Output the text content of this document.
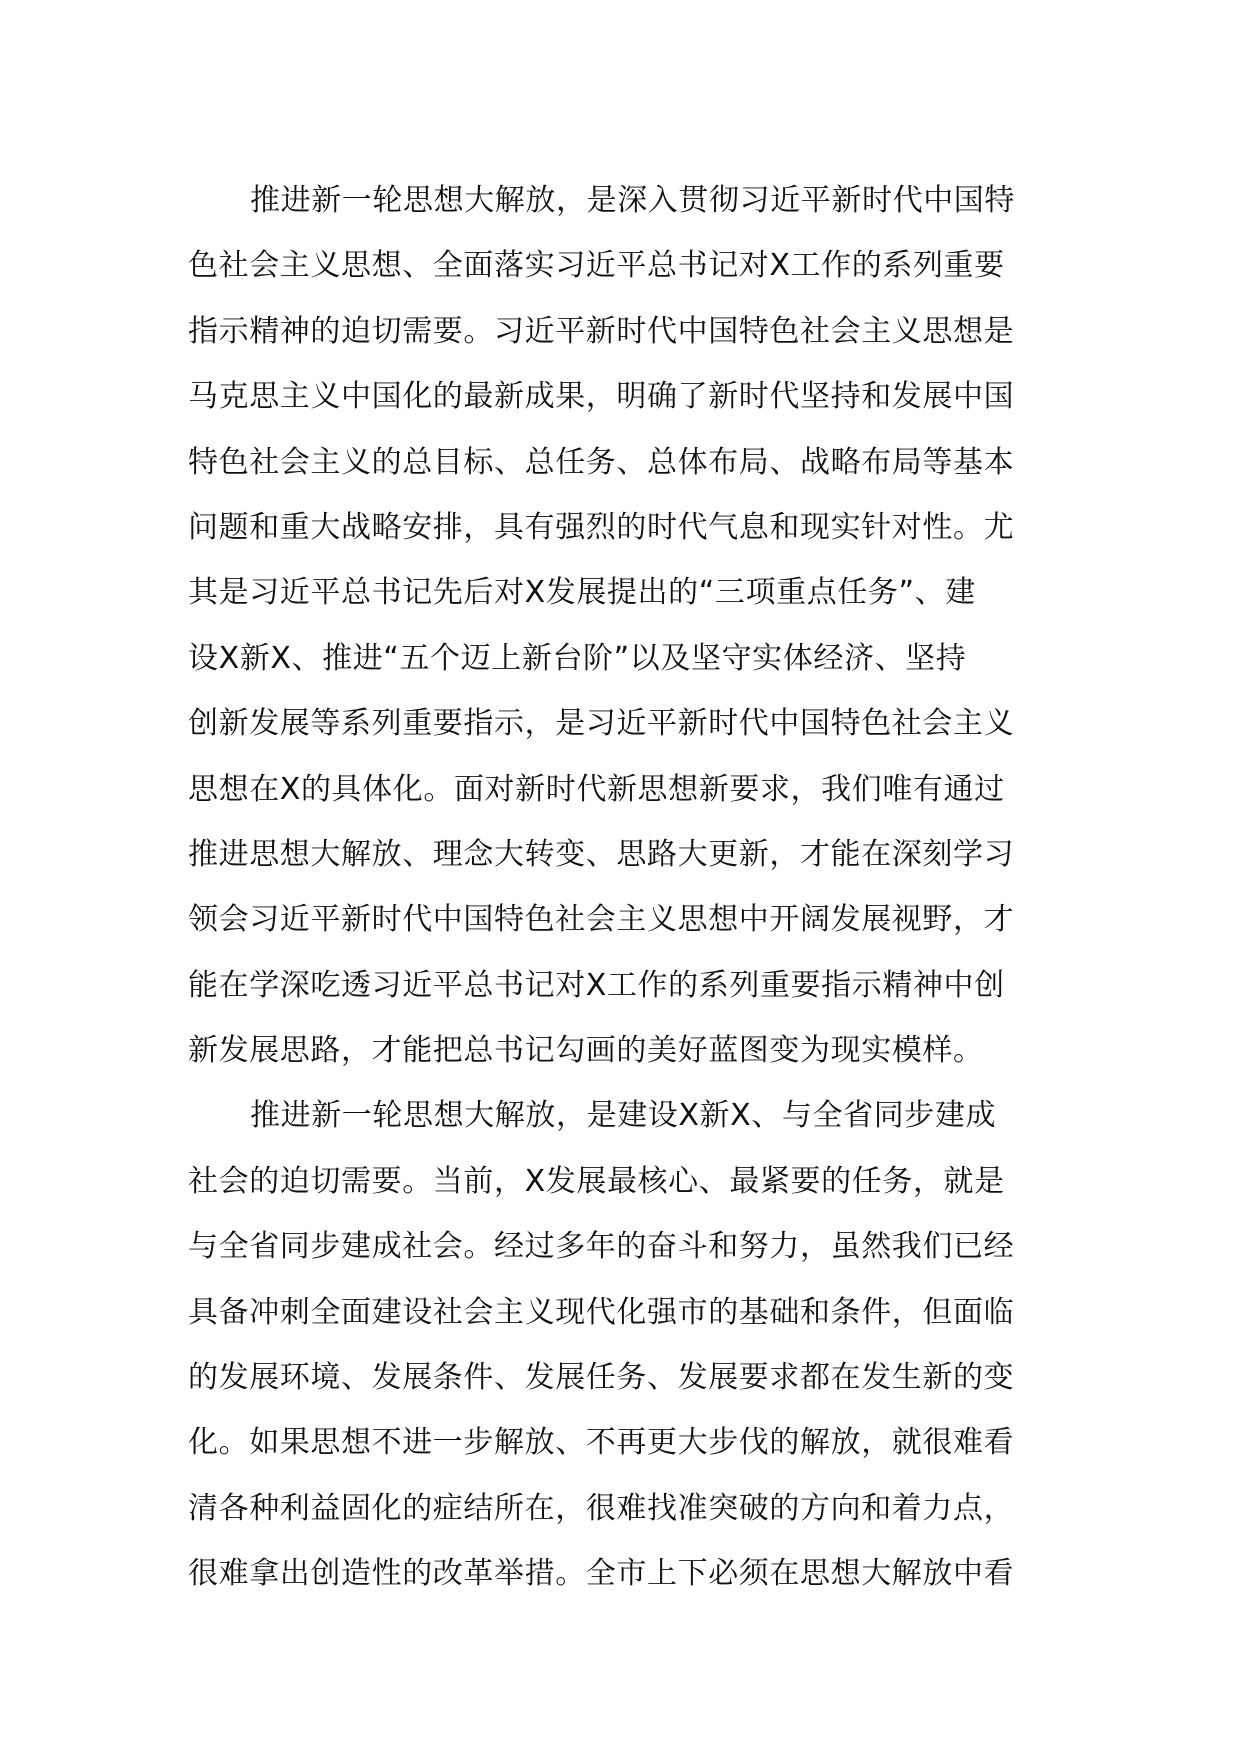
推进新一轮思想大解放，是深入贯彻习近平新时代中国特
色社会主义思想、全面落实习近平总书记对X工作的系列重要
指示精神的迫切需要。习近平新时代中国特色社会主义思想是
马克思主义中国化的最新成果，明确了新时代坚持和发展中国
特色社会主义的总目标、总任务、总体布局、战略布局等基本
问题和重大战略安排，具有强烈的时代气息和现实针对性。尤
其是习近平总书记先后对X发展提出的“三项重点任务”、建
设X新X、推进“五个迈上新台阶”以及坚守实体经济、坚持
创新发展等系列重要指示，是习近平新时代中国特色社会主义
思想在X的具体化。面对新时代新思想新要求，我们唯有通过
推进思想大解放、理念大转变、思路大更新，才能在深刻学习
领会习近平新时代中国特色社会主义思想中开阔发展视野，才
能在学深吃透习近平总书记对X工作的系列重要指示精神中创
新发展思路，才能把总书记勾画的美好蓝图变为现实模样。
推进新一轮思想大解放，是建设X新X、与全省同步建成
社会的迫切需要。当前，X发展最核心、最紧要的任务，就是
与全省同步建成社会。经过多年的奋斗和努力，虽然我们已经
具备冲刺全面建设社会主义现代化强市的基础和条件，但面临
的发展环境、发展条件、发展任务、发展要求都在发生新的变
化。如果思想不进一步解放、不再更大步伐的解放，就很难看
清各种利益固化的症结所在，很难找准突破的方向和着力点，
很难拿出创造性的改革举措。全市上下必须在思想大解放中看
